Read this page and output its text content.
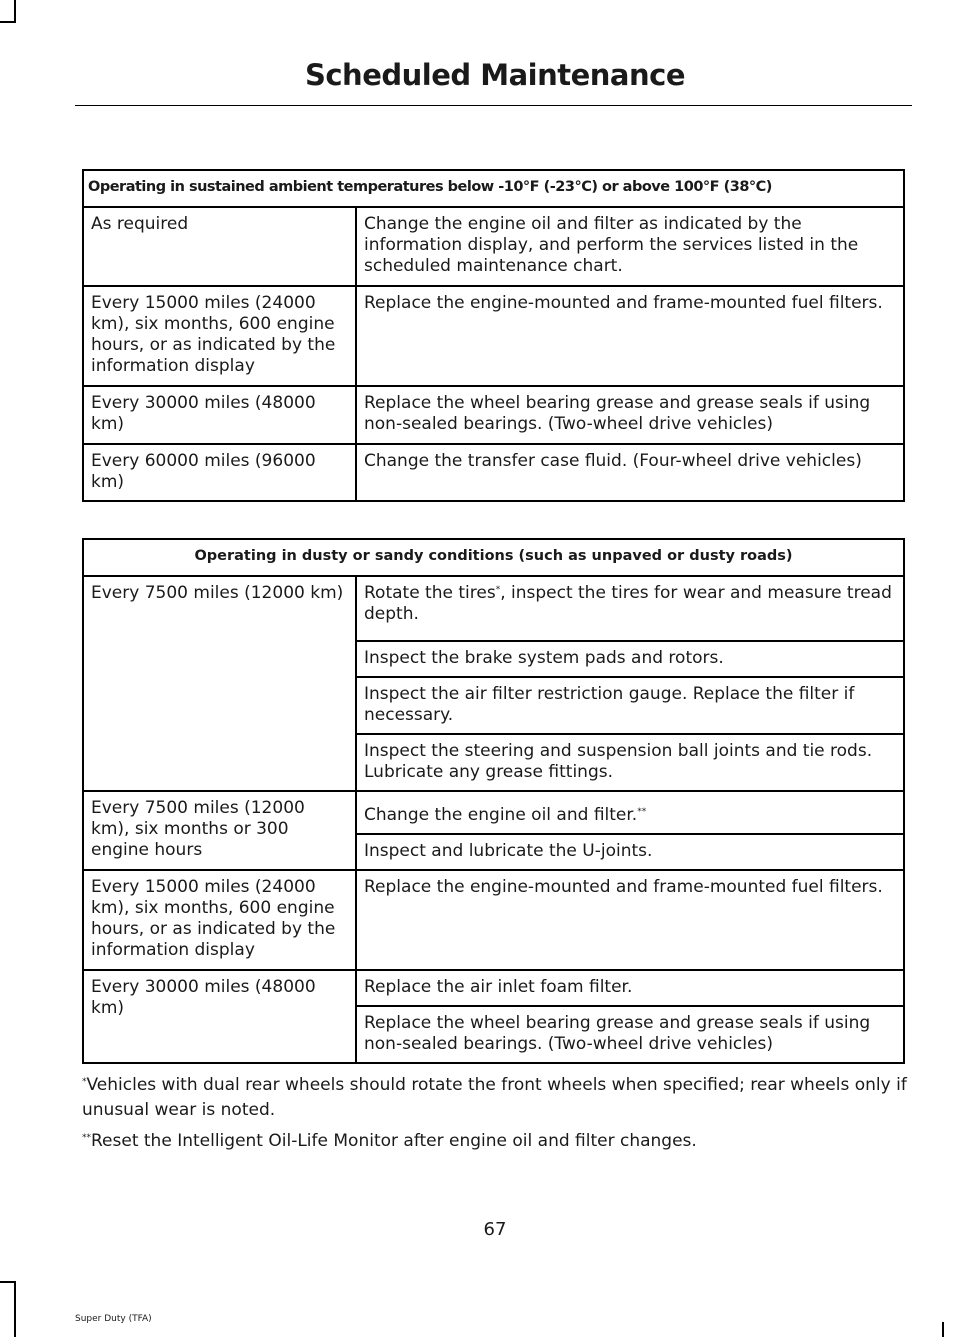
Scheduled Maintenance
Operating in sustained ambient temperatures below -10°F (-23°C) or above 100°F (38°C)	
As required	Change the engine oil and filter as indicated by the information display, and perform the services listed in the scheduled maintenance chart.
Every 15000 miles (24000 km), six months, 600 engine hours, or as indicated by the information display	Replace the engine-mounted and frame-mounted fuel filters.
Every 30000 miles (48000 km)	Replace the wheel bearing grease and grease seals if using non-sealed bearings. (Two-wheel drive vehicles)
Every 60000 miles (96000 km)	Change the transfer case fluid. (Four-wheel drive vehicles)
Operating in dusty or sandy conditions (such as unpaved or dusty roads)	
Every 7500 miles (12000 km)	Rotate the tires*, inspect the tires for wear and measure tread depth.
	Inspect the brake system pads and rotors.
	Inspect the air filter restriction gauge. Replace the filter if necessary.
	Inspect the steering and suspension ball joints and tie rods. Lubricate any grease fittings.
Every 7500 miles (12000 km), six months or 300 engine hours	Change the engine oil and filter.**
	Inspect and lubricate the U-joints.
Every 15000 miles (24000 km), six months, 600 engine hours, or as indicated by the information display	Replace the engine-mounted and frame-mounted fuel filters.
Every 30000 miles (48000 km)	Replace the air inlet foam filter.
	Replace the wheel bearing grease and grease seals if using non-sealed bearings. (Two-wheel drive vehicles)

*Vehicles with dual rear wheels should rotate the front wheels when specified; rear wheels only if unusual wear is noted.

**Reset the Intelligent Oil-Life Monitor after engine oil and filter changes.

67
Super Duty (TFA)
